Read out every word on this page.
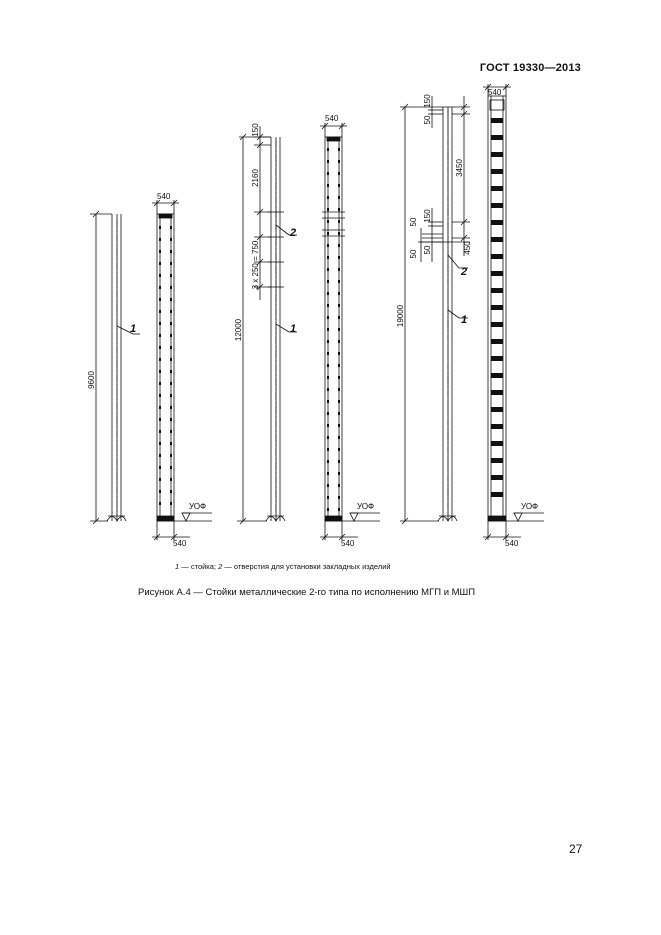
ГОСТ 19330—2013
540
540
УОФ
9600
540
540
УОФ
12000
150
2160
3 х 250 = 750
540
540
УОФ
19000
150
50
3450
50 150
50 50	450
1
2
1
2
1
1 — стойка; 2 — отверстия для установки закладных изделий
Рисунок А.4 — Стойки металлические 2-го типа по исполнению МГП и МШП
27
